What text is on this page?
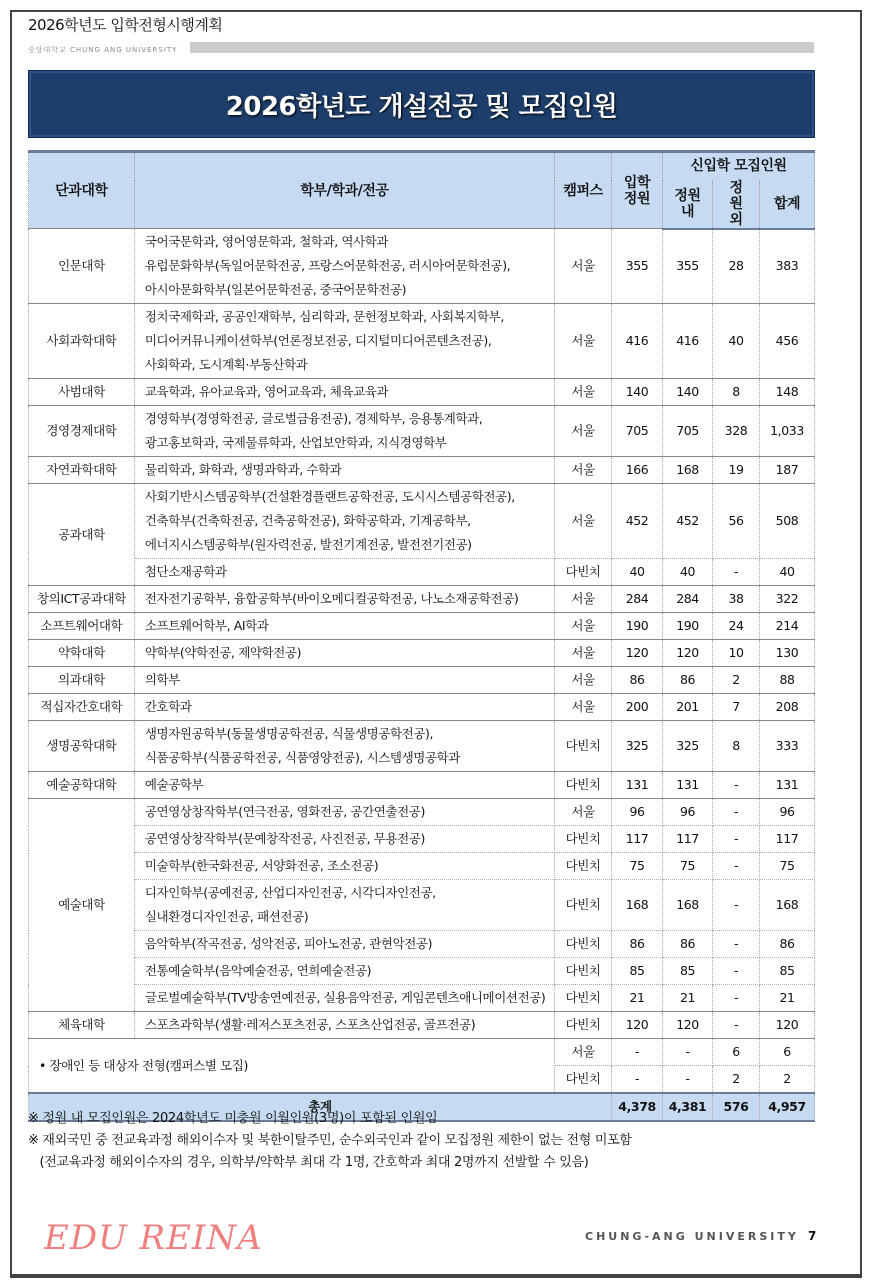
2026학년도 입학전형시행계획
중앙대학교 CHUNG ANG UNIVERSITY
2026학년도 개설전공 및 모집인원
단과대학	학부/학과/전공	캠퍼스	입학정원	신입학 모집인원		
				정원내	정원외	합계
인문대학	국어국문학과, 영어영문학과, 철학과, 역사학과
유럽문화학부(독일어문학전공, 프랑스어문학전공, 러시아어문학전공),
아시아문화학부(일본어문학전공, 중국어문학전공)	서울	355	355	28	383
사회과학대학	정치국제학과, 공공인재학부, 심리학과, 문헌정보학과, 사회복지학부,
미디어커뮤니케이션학부(언론정보전공, 디지털미디어콘텐츠전공),
사회학과, 도시계획·부동산학과	서울	416	416	40	456
사범대학	교육학과, 유아교육과, 영어교육과, 체육교육과	서울	140	140	8	148
경영경제대학	경영학부(경영학전공, 글로벌금융전공), 경제학부, 응용통계학과,
광고홍보학과, 국제물류학과, 산업보안학과, 지식경영학부	서울	705	705	328	1,033
자연과학대학	물리학과, 화학과, 생명과학과, 수학과	서울	166	168	19	187
공과대학	사회기반시스템공학부(건설환경플랜트공학전공, 도시시스템공학전공),
건축학부(건축학전공, 건축공학전공), 화학공학과, 기계공학부,
에너지시스템공학부(원자력전공, 발전기계전공, 발전전기전공)	서울	452	452	56	508

	첨단소재공학과	다빈치	40	40	-	40
창의ICT공과대학	전자전기공학부, 융합공학부(바이오메디컬공학전공, 나노소재공학전공)	서울	284	284	38	322
소프트웨어대학	소프트웨어학부, AI학과	서울	190	190	24	214
약학대학	약학부(약학전공, 제약학전공)	서울	120	120	10	130
의과대학	의학부	서울	86	86	2	88
적십자간호대학	간호학과	서울	200	201	7	208
생명공학대학	생명자원공학부(동물생명공학전공, 식물생명공학전공),
식품공학부(식품공학전공, 식품영양전공), 시스템생명공학과	다빈치	325	325	8	333
예술공학대학	예술공학부	다빈치	131	131	-	131
예술대학	공연영상창작학부(연극전공, 영화전공, 공간연출전공)	서울	96	96	-	96

	공연영상창작학부(문예창작전공, 사진전공, 무용전공)	다빈치	117	117	-	117

	미술학부(한국화전공, 서양화전공, 조소전공)	다빈치	75	75	-	75

	디자인학부(공예전공, 산업디자인전공, 시각디자인전공,
실내환경디자인전공, 패션전공)	다빈치	168	168	-	168

	음악학부(작곡전공, 성악전공, 피아노전공, 관현악전공)	다빈치	86	86	-	86

	전통예술학부(음악예술전공, 연희예술전공)	다빈치	85	85	-	85

	글로벌예술학부(TV방송연예전공, 실용음악전공, 게임콘텐츠애니메이션전공)	다빈치	21	21	-	21
체육대학	스포츠과학부(생활·레저스포츠전공, 스포츠산업전공, 골프전공)	다빈치	120	120	-	120
• 장애인 등 대상자 전형(캠퍼스별 모집)		서울	-	-	6	6
		다빈치	-	-	2	2
총계			4,378	4,381	576	4,957
※ 정원 내 모집인원은 2024학년도 미충원 이월인원(3명)이 포함된 인원임
※ 재외국민 중 전교육과정 해외이수자 및 북한이탈주민, 순수외국인과 같이 모집정원 제한이 없는 전형 미포함
(전교육과정 해외이수자의 경우, 의학부/약학부 최대 각 1명, 간호학과 최대 2명까지 선발할 수 있음)
EDU REINA	CHUNG-ANG UNIVERSITY 7
